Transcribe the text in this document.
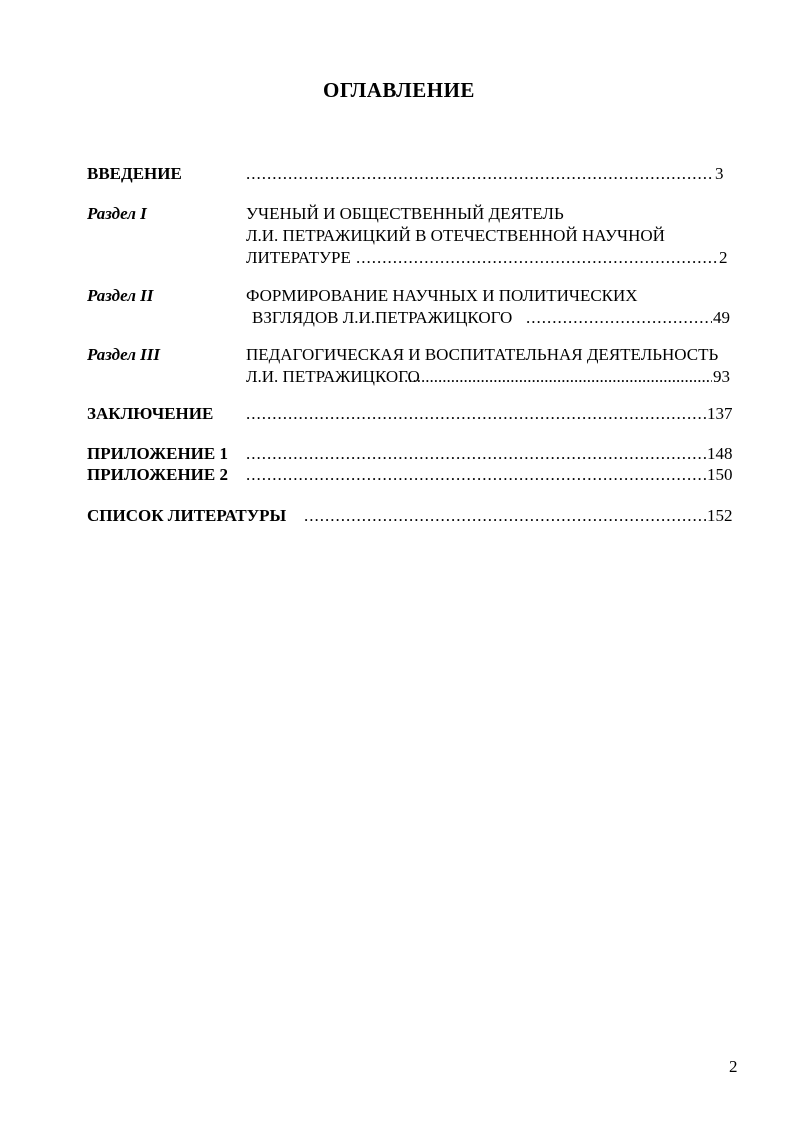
ОГЛАВЛЕНИЕ
ВВЕДЕНИЕ .....	3
Раздел I	УЧЕНЫЙ И ОБЩЕСТВЕННЫЙ ДЕЯТЕЛЬ
Л.И. ПЕТРАЖИЦКИЙ В ОТЕЧЕСТВЕННОЙ НАУЧНОЙ
ЛИТЕРАТУРЕ .....	2
Раздел II	ФОРМИРОВАНИЕ НАУЧНЫХ И ПОЛИТИЧЕСКИХ
ВЗГЛЯДОВ Л.И.ПЕТРАЖИЦКОГО .....	49
Раздел III	ПЕДАГОГИЧЕСКАЯ И ВОСПИТАТЕЛЬНАЯ ДЕЯТЕЛЬНОСТЬ
Л.И. ПЕТРАЖИЦКОГО .....	93
ЗАКЛЮЧЕНИЕ .....	137
ПРИЛОЖЕНИЕ 1 .....	148
ПРИЛОЖЕНИЕ 2 .....	150
СПИСОК ЛИТЕРАТУРЫ .....	152
2
